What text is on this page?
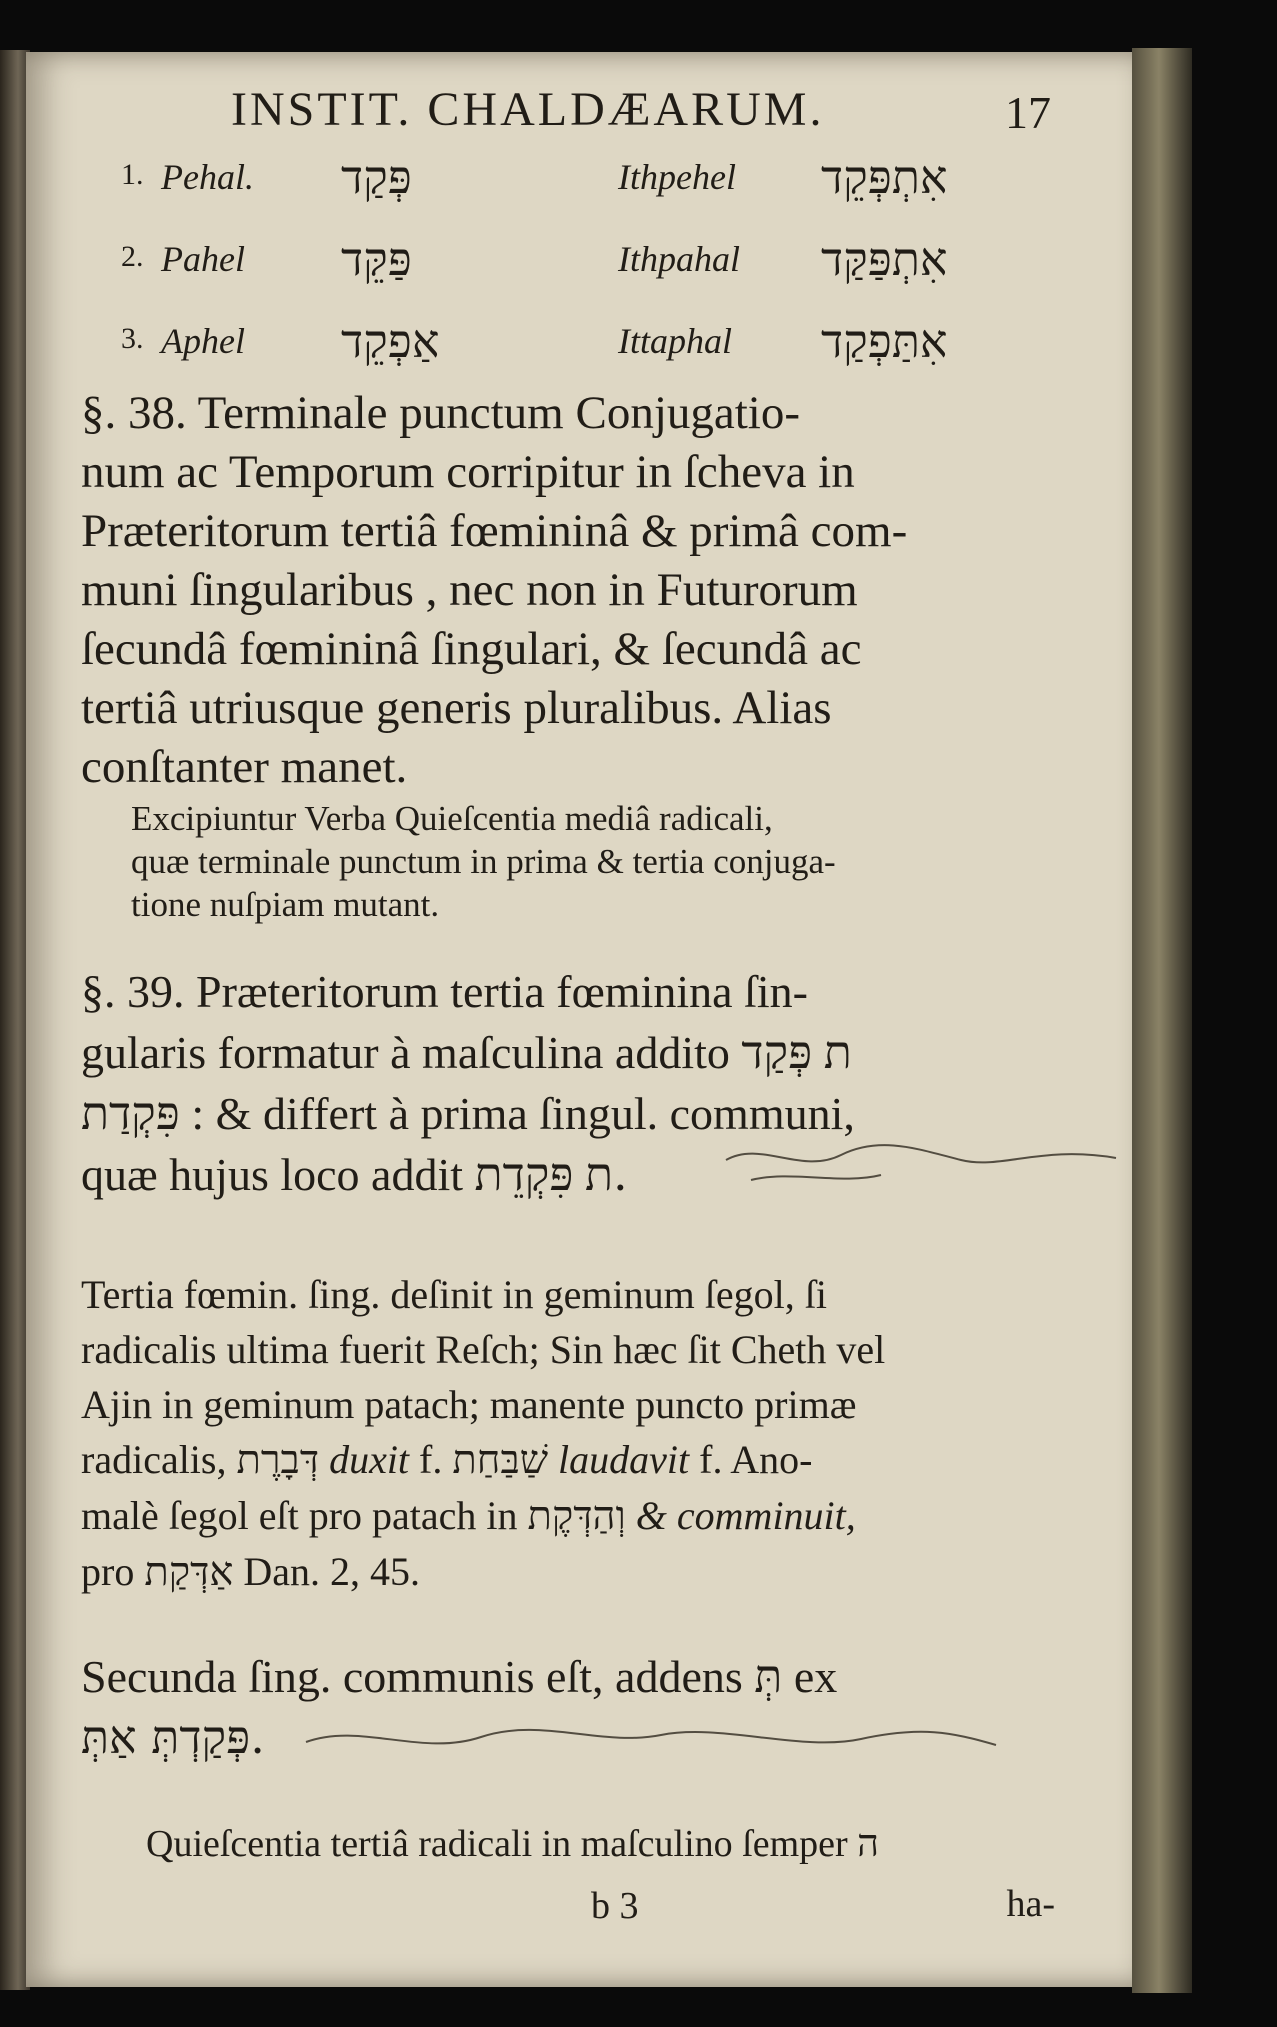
INSTIT. CHALDÆARUM.	17
1. Pehal. פְּקַד	Ithpehel אִתְפְּקֵד
2. Pahel פַּקֵּד	Ithpahal אִתְפַּקַּד
3. Aphel אַפְקֵד	Ittaphal אִתַּפְקַד
§. 38. Terminale punctum Conjugatio-
num ac Temporum corripitur in ſcheva in
Præteritorum tertiâ fœmininâ & primâ com-
muni ſingularibus , nec non in Futurorum
ſecundâ fœmininâ ſingulari, & ſecundâ ac
tertiâ utriusque generis pluralibus. Alias
conſtanter manet.
Excipiuntur Verba Quieſcentia mediâ radicali,
quæ terminale punctum in prima & tertia conjuga-
tione nuſpiam mutant.
§. 39. Præteritorum tertia fœminina ſin-
gularis formatur à maſculina addito ת פְּקַד
פִּקְדַת : & differt à prima ſingul. communi,
quæ hujus loco addit ת פִּקְדֵת.
Tertia fœmin. ſing. deſinit in geminum ſegol, ſi
radicalis ultima fuerit Reſch; Sin hæc ſit Cheth vel
Ajin in geminum patach; manente puncto primæ
radicalis, דְּבָרֶת duxit f. שַׁבַּחַת laudavit f. Ano-
malè ſegol eſt pro patach in וְהַדְּקֶת & comminuit,
pro אַדְּקַת Dan. 2, 45.
Secunda ſing. communis eſt, addens תְּ ex
פְּקַדְתְּ אַתְּ.
Quieſcentia tertiâ radicali in maſculino ſemper ה
b 3	ha-
